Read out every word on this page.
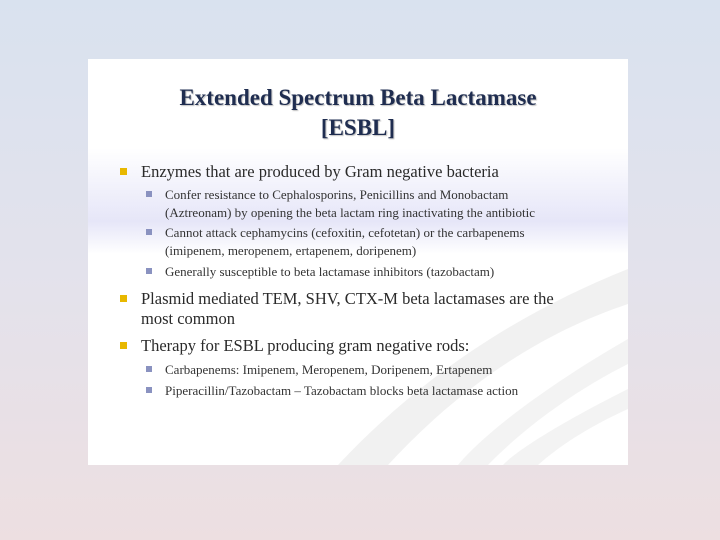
Extended Spectrum Beta Lactamase
[ESBL]
Enzymes that are produced by Gram negative bacteria
Confer resistance to Cephalosporins, Penicillins and Monobactam
(Aztreonam) by opening the beta lactam ring inactivating the antibiotic
Cannot attack cephamycins (cefoxitin, cefotetan) or the carbapenems
(imipenem, meropenem, ertapenem, doripenem)
Generally susceptible to beta lactamase inhibitors (tazobactam)
Plasmid mediated TEM, SHV, CTX-M beta lactamases are the
most common
Therapy for ESBL producing gram negative rods:
Carbapenems: Imipenem, Meropenem, Doripenem, Ertapenem
Piperacillin/Tazobactam – Tazobactam blocks beta lactamase action
